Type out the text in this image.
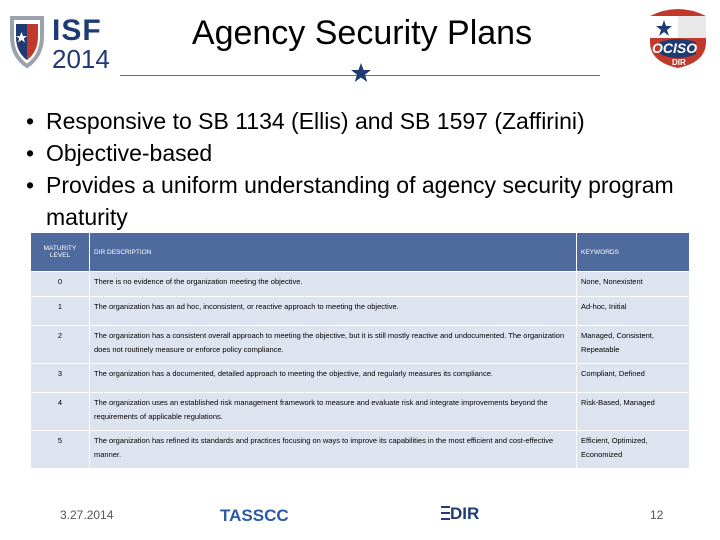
ISF
2014	OCISO
DIR
Agency Security Plans
• Responsive to SB 1134 (Ellis) and SB 1597 (Zaffirini)
• Objective-based
• Provides a uniform understanding of agency security program maturity
MATURITY LEVEL	DIR DESCRIPTION	KEYWORDS
0	There is no evidence of the organization meeting the objective.	None, Nonexistent
1	The organization has an ad hoc, inconsistent, or reactive approach to meeting the objective.	Ad-hoc, Initial
2	The organization has a consistent overall approach to meeting the objective, but it is still mostly reactive and undocumented. The organization does not routinely measure or enforce policy compliance.	Managed, Consistent, Repeatable
3	The organization has a documented, detailed approach to meeting the objective, and regularly measures its compliance.	Compliant, Defined
4	The organization uses an established risk management framework to measure and evaluate risk and integrate improvements beyond the requirements of applicable regulations.	Risk-Based, Managed
5	The organization has refined its standards and practices focusing on ways to improve its capabilities in the most efficient and cost-effective manner.	Efficient, Optimized, Economized
3.27.2014	TASSCC	DIR	12
